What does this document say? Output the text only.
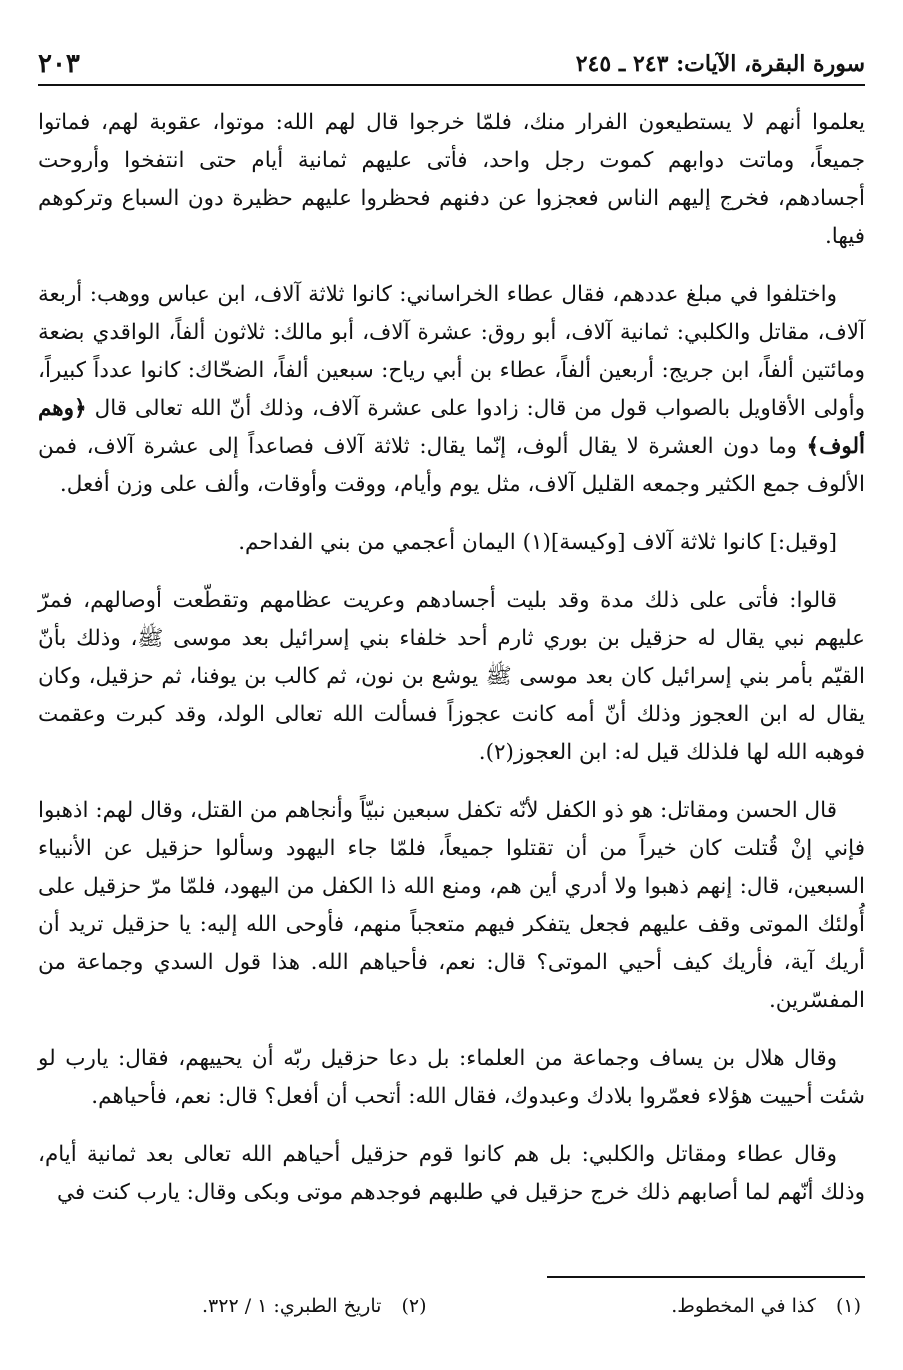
سورة البقرة، الآيات: ٢٤٣ ـ ٢٤٥
٢٠٣

يعلموا أنهم لا يستطيعون الفرار منك، فلمّا خرجوا قال لهم الله: موتوا، عقوبة لهم، فماتوا جميعاً، وماتت دوابهم كموت رجل واحد، فأتى عليهم ثمانية أيام حتى انتفخوا وأروحت أجسادهم، فخرج إليهم الناس فعجزوا عن دفنهم فحظروا عليهم حظيرة دون السباع وتركوهم فيها.

واختلفوا في مبلغ عددهم، فقال عطاء الخراساني: كانوا ثلاثة آلاف، ابن عباس ووهب: أربعة آلاف، مقاتل والكلبي: ثمانية آلاف، أبو روق: عشرة آلاف، أبو مالك: ثلاثون ألفاً، الواقدي بضعة ومائتين ألفاً، ابن جريج: أربعين ألفاً، عطاء بن أبي رياح: سبعين ألفاً، الضحّاك: كانوا عدداً كبيراً، وأولى الأقاويل بالصواب قول من قال: زادوا على عشرة آلاف، وذلك أنّ الله تعالى قال ﴿وهم ألوف﴾ وما دون العشرة لا يقال ألوف، إنّما يقال: ثلاثة آلاف فصاعداً إلى عشرة آلاف، فمن الألوف جمع الكثير وجمعه القليل آلاف، مثل يوم وأيام، ووقت وأوقات، وألف على وزن أفعل.

[وقيل:] كانوا ثلاثة آلاف [وكيسة](١) اليمان أعجمي من بني الفداحم.

قالوا: فأتى على ذلك مدة وقد بليت أجسادهم وعريت عظامهم وتقطّعت أوصالهم، فمرّ عليهم نبي يقال له حزقيل بن بوري ثارم أحد خلفاء بني إسرائيل بعد موسى ﷺ، وذلك بأنّ القيّم بأمر بني إسرائيل كان بعد موسى ﷺ يوشع بن نون، ثم كالب بن يوفنا، ثم حزقيل، وكان يقال له ابن العجوز وذلك أنّ أمه كانت عجوزاً فسألت الله تعالى الولد، وقد كبرت وعقمت فوهبه الله لها فلذلك قيل له: ابن العجوز(٢).

قال الحسن ومقاتل: هو ذو الكفل لأنّه تكفل سبعين نبيّاً وأنجاهم من القتل، وقال لهم: اذهبوا فإني إنْ قُتلت كان خيراً من أن تقتلوا جميعاً، فلمّا جاء اليهود وسألوا حزقيل عن الأنبياء السبعين، قال: إنهم ذهبوا ولا أدري أين هم، ومنع الله ذا الكفل من اليهود، فلمّا مرّ حزقيل على أُولئك الموتى وقف عليهم فجعل يتفكر فيهم متعجباً منهم، فأوحى الله إليه: يا حزقيل تريد أن أريك آية، فأريك كيف أحيي الموتى؟ قال: نعم، فأحياهم الله. هذا قول السدي وجماعة من المفسّرين.

وقال هلال بن يساف وجماعة من العلماء: بل دعا حزقيل ربّه أن يحييهم، فقال: يارب لو شئت أحييت هؤلاء فعمّروا بلادك وعبدوك، فقال الله: أتحب أن أفعل؟ قال: نعم، فأحياهم.

وقال عطاء ومقاتل والكلبي: بل هم كانوا قوم حزقيل أحياهم الله تعالى بعد ثمانية أيام، وذلك أنّهم لما أصابهم ذلك خرج حزقيل في طلبهم فوجدهم موتى وبكى وقال: يارب كنت في

(١) كذا في المخطوط.
(٢) تاريخ الطبري: ١ / ٣٢٢.
